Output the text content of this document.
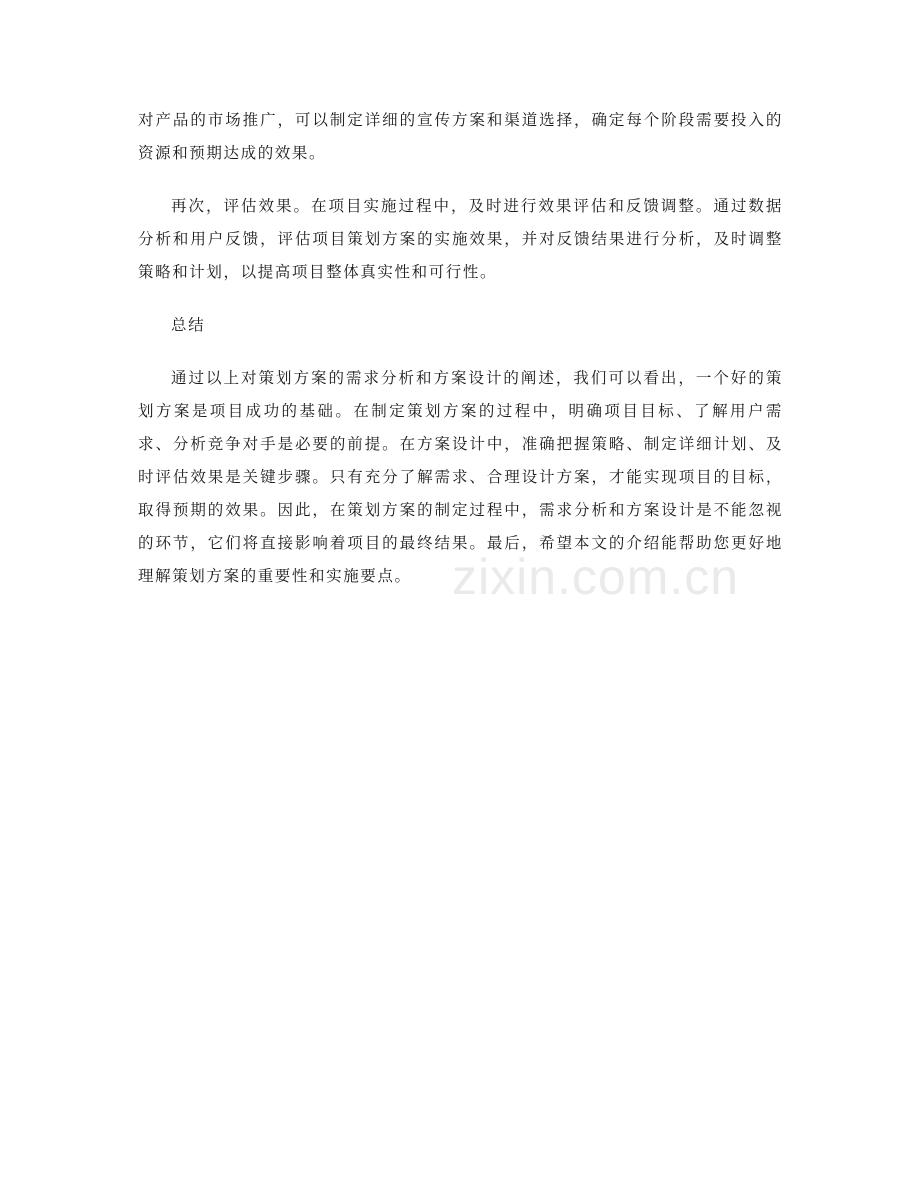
对产品的市场推广，可以制定详细的宣传方案和渠道选择，确定每个阶段需要投入的资源和预期达成的效果。

再次，评估效果。在项目实施过程中，及时进行效果评估和反馈调整。通过数据分析和用户反馈，评估项目策划方案的实施效果，并对反馈结果进行分析，及时调整策略和计划，以提高项目整体真实性和可行性。

总结

通过以上对策划方案的需求分析和方案设计的阐述，我们可以看出，一个好的策划方案是项目成功的基础。在制定策划方案的过程中，明确项目目标、了解用户需求、分析竞争对手是必要的前提。在方案设计中，准确把握策略、制定详细计划、及时评估效果是关键步骤。只有充分了解需求、合理设计方案，才能实现项目的目标，取得预期的效果。因此，在策划方案的制定过程中，需求分析和方案设计是不能忽视的环节，它们将直接影响着项目的最终结果。最后，希望本文的介绍能帮助您更好地理解策划方案的重要性和实施要点。 zixin.com.cn
